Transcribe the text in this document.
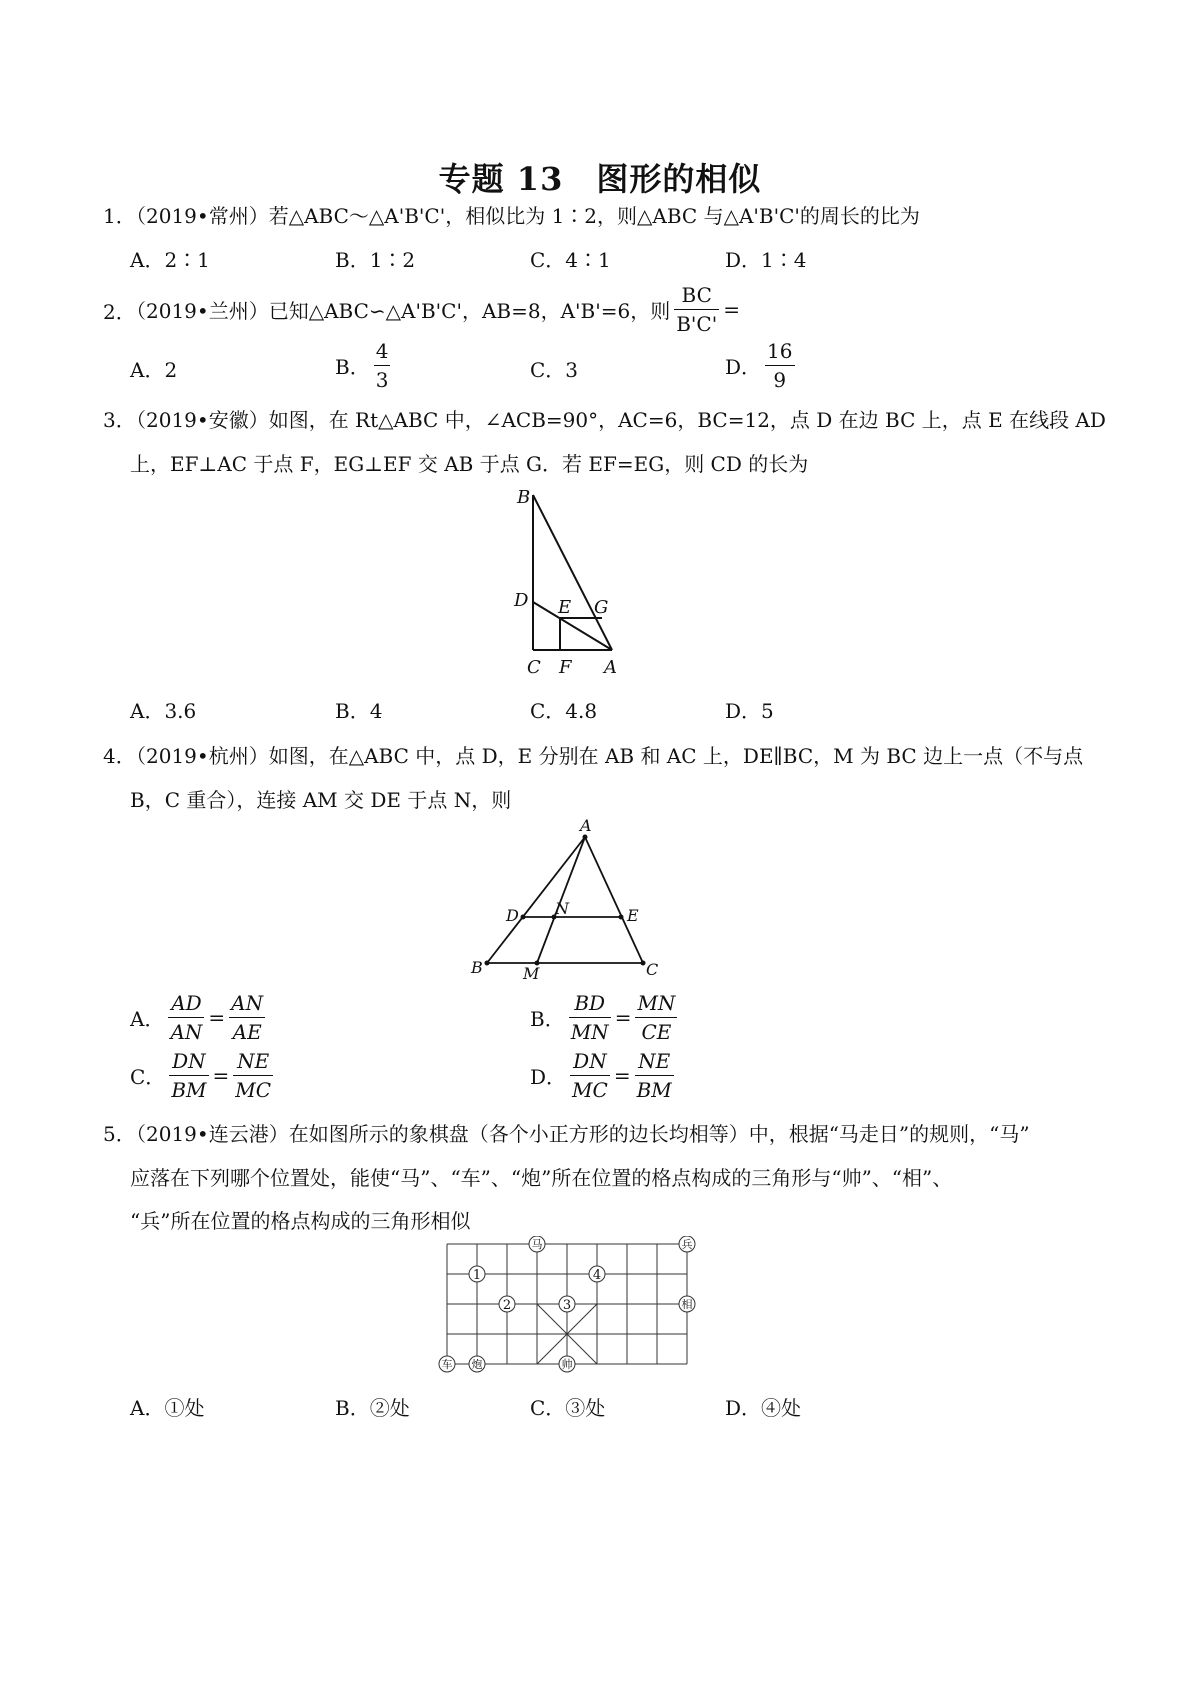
专题 13　图形的相似
1．
（2019•常州）若△ABC～△A'B'C'，相似比为 1∶2，则△ABC 与△A'B'C'的周长的比为
A．2∶1	B．1∶2	C．4∶1	D．1∶4
2．
（2019•兰州）已知△ABC∽△A'B'C'，AB=8，A'B'=6，则 $\frac{BC}{B'C'}$ =
A．2	B． $\frac{4}{3}$	C．3	D． $\frac{16}{9}$
3．
（2019•安徽）如图，在 Rt△ABC 中，∠ACB=90°，AC=6，BC=12，点 D 在边 BC 上，点 E 在线段 AD
上，EF⊥AC 于点 F，EG⊥EF 交 AB 于点 G．若 EF=EG，则 CD 的长为
B
D E G
C F A
A．3.6	B．4	C．4.8	D．5
4．
（2019•杭州）如图，在△ABC 中，点 D，E 分别在 AB 和 AC 上，DE∥BC，M 为 BC 边上一点（不与点
B，C 重合），连接 AM 交 DE 于点 N，则
A
D N	E
B	M	C
A． $\frac{AD}{AN} = \frac{AN}{AE}$	B． $\frac{BD}{MN} = \frac{MN}{CE}$
C． $\frac{DN}{BM} = \frac{NE}{MC}$	D． $\frac{DN}{MC} = \frac{NE}{BM}$
5．
（2019•连云港）在如图所示的象棋盘（各个小正方形的边长均相等）中，根据“马走日”的规则，“马”
应落在下列哪个位置处，能使“马”、“车”、“炮”所在位置的格点构成的三角形与“帅”、“相”、
“兵”所在位置的格点构成的三角形相似
马	兵
相
车 炮	帅
1
2	3
4
A．①处	B．②处	C．③处	D．④处
